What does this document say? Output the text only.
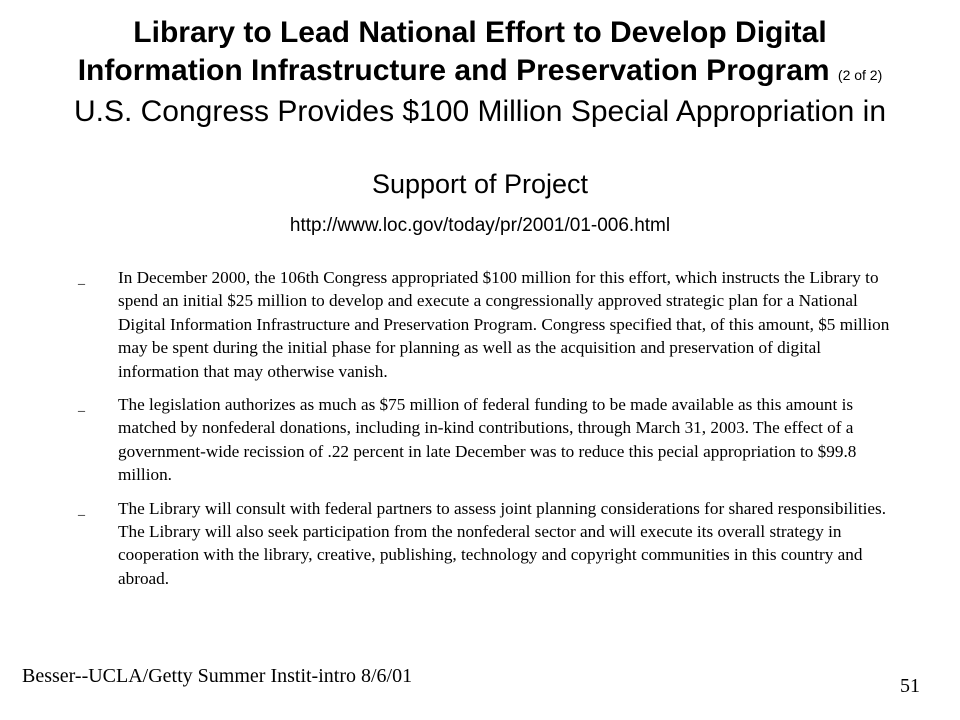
Library to Lead National Effort to Develop Digital
Information Infrastructure and Preservation Program (2 of 2)
U.S. Congress Provides $100 Million Special Appropriation in
Support of Project
http://www.loc.gov/today/pr/2001/01-006.html
_ In December 2000, the 106th Congress appropriated $100 million for this effort, which instructs the Library to spend an initial $25 million to develop and execute a congressionally approved strategic plan for a National Digital Information Infrastructure and Preservation Program. Congress specified that, of this amount, $5 million may be spent during the initial phase for planning as well as the acquisition and preservation of digital information that may otherwise vanish.
_ The legislation authorizes as much as $75 million of federal funding to be made available as this amount is matched by nonfederal donations, including in-kind contributions, through March 31, 2003. The effect of a government-wide recission of .22 percent in late December was to reduce this pecial appropriation to $99.8 million.
_ The Library will consult with federal partners to assess joint planning considerations for shared responsibilities. The Library will also seek participation from the nonfederal sector and will execute its overall strategy in cooperation with the library, creative, publishing, technology and copyright communities in this country and abroad.
Besser--UCLA/Getty Summer Instit-intro 8/6/01	51
